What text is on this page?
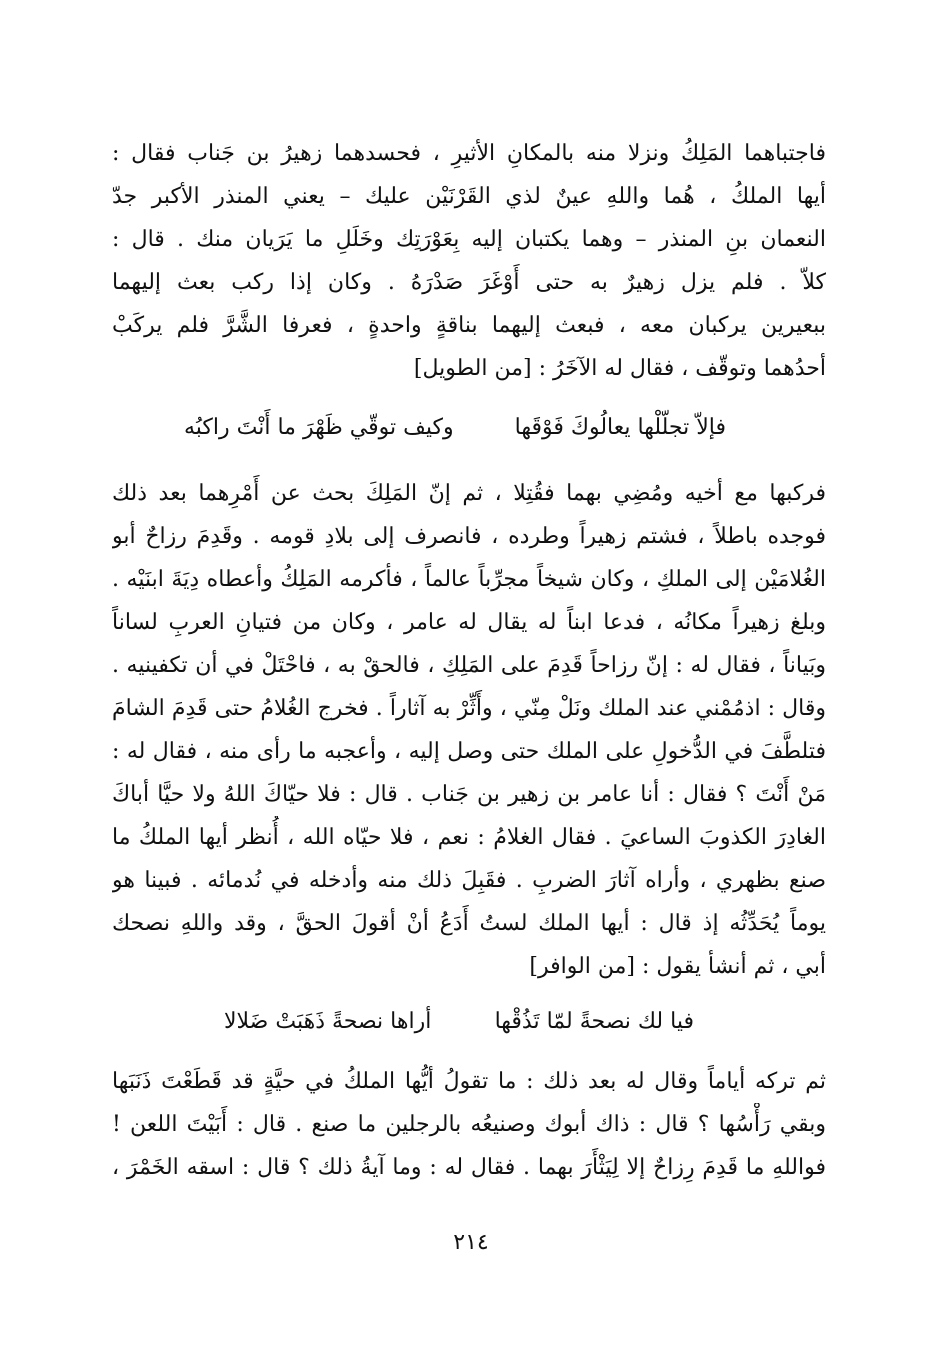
فاجتباهما المَلِكُ ونزلا منه بالمكانِ الأثيرِ ، فحسدهما زهيرُ بن جَناب فقال :
أيها الملكُ ، هُما واللهِ عينٌ لذي القَرْنَيْن عليك – يعني المنذر الأكبر جدّ
النعمان بنِ المنذر – وهما يكتبان إليه بِعَوْرَتِك وخَلَلِ ما يَرَيان منك . قال :
كلاّ . فلم يزل زهيرٌ به حتى أَوْغَرَ صَدْرَهُ . وكان إذا ركب بعث إليهما
ببعيرين يركبان معه ، فبعث إليهما بناقةٍ واحدةٍ ، فعرفا الشَّرَّ فلم يركَبْ
أحدُهما وتوقّف ، فقال له الآخَرُ : [من الطويل]
فإلاّ تجلّلْها يعالُوكَ فَوْقَها
وكيف توقّي ظَهْرَ ما أَنْتَ راكبُه
فركبها مع أخيه ومُضِي بهما فقُتِلا ، ثم إنّ المَلِكَ بحث عن أَمْرِهما بعد ذلك
فوجده باطلاً ، فشتم زهيراً وطرده ، فانصرف إلى بلادِ قومه . وقَدِمَ رزاحٌ أبو
الغُلامَيْن إلى الملكِ ، وكان شيخاً مجرِّباً عالماً ، فأكرمه المَلِكُ وأعطاه دِيَةَ ابنَيْه .
وبلغ زهيراً مكانُه ، فدعا ابناً له يقال له عامر ، وكان من فتيانِ العربِ لساناً
وبَياناً ، فقال له : إنّ رزاحاً قَدِمَ على المَلِكِ ، فالحقْ به ، فاحْتَلْ في أن تكفينيه .
وقال : اذمُمْني عند الملك ونَلْ مِنّي ، وأَثِّرْ به آثاراً . فخرج الغُلامُ حتى قَدِمَ الشامَ
فتلطَّفَ في الدُّخولِ على الملك حتى وصل إليه ، وأعجبه ما رأى منه ، فقال له :
مَنْ أَنْتَ ؟ فقال : أنا عامر بن زهير بن جَناب . قال : فلا حيّاكَ اللهُ ولا حيَّا أباكَ
الغادِرَ الكذوبَ الساعيَ . فقال الغلامُ : نعم ، فلا حيّاه الله ، أُنظر أيها الملكُ ما
صنع بظهري ، وأراه آثارَ الضربِ . فقَبِلَ ذلك منه وأدخله في نُدمائه . فبينا هو
يوماً يُحَدِّثُه إذ قال : أيها الملك لستُ أَدَعُ أنْ أقولَ الحقَّ ، وقد واللهِ نصحك
أبي ، ثم أنشأ يقول : [من الوافر]
فيا لك نصحةً لمّا تَذُقْها
أراها نصحةً ذَهَبَتْ ضَلالا
ثم تركه أياماً وقال له بعد ذلك : ما تقولُ أيُّها الملكُ في حيَّةٍ قد قَطَعْتَ ذَنَبَها
وبقي رَأْسُها ؟ قال : ذاك أبوك وصنيعُه بالرجلين ما صنع . قال : أَبَيْتَ اللعن !
فواللهِ ما قَدِمَ رِزاحٌ إلا لِيَثْأَرَ بهما . فقال له : وما آيةُ ذلك ؟ قال : اسقه الخَمْرَ ،
٢١٤
